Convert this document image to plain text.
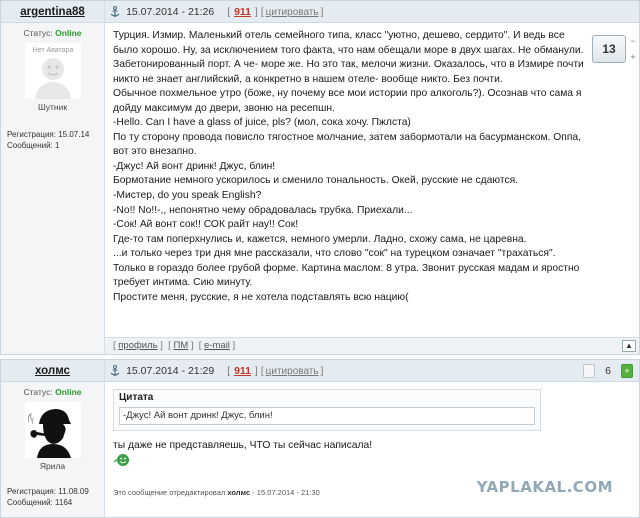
argentina88
Статус: Online
Нет Аватара
Шутник
Регистрация: 15.07.14
Сообщений: 1
15.07.2014 - 21:26 [ 911 ] [ цитировать ]

Турция. Измир. Маленький отель семейного типа, класс "уютно, дешево, сердито". И ведь все было хорошо. Ну, за исключением того факта, что нам обещали море в двух шагах. Не обманули. Забетонированный порт. А че- море же. Но это так, мелочи жизни. Оказалось, что в Измире почти никто не знает английский, а конкретно в нашем отеле- вообще никто. Без почти.

Обычное похмельное утро (боже, ну почему все мои истории про алкоголь?). Осознав что сама я дойду максимум до двери, звоню на ресепшн.

-Hello. Can I have a glass of juice, pls? (мол, сока хочу. Пжлста)

По ту сторону провода повисло тягостное молчание, затем забормотали на басурманском. Оппа, вот это внезапно.

-Джус! Ай вонт дринк! Джус, блин!

Бормотание немного ускорилось и сменило тональность. Окей, русские не сдаются.

-Мистер, do you speak English?

-No!! No!!-,, непонятно чему обрадовалась трубка. Приехали...

-Сок! Ай вонт сок!! СОК райт нау!! Сок!

Где-то там поперхнулись и, кажется, немного умерли. Ладно, схожу сама, не царевна.

...и только через три дня мне рассказали, что слово "сок" на турецком означает "трахаться". Только в гораздо более грубой форме. Картина маслом: 8 утра. Звонит русская мадам и яростно требует интима. Сию минуту.

Простите меня, русские, я не хотела подставлять всю нацию(

13
−
+
[ профиль ]  [ ПМ ]  [ e-mail ]	▲
холмс
Статус: Online
Ярила
Регистрация: 11.08.09
Сообщений: 1164
15.07.2014 - 21:29 [ 911 ] [ цитировать ]	6	+
Цитата
-Джус! Ай вонт дринк! Джус, блин!
ты даже не представляешь, ЧТО ты сейчас написала!
Это сообщение отредактировал холмс - 15.07.2014 - 21:30	YAPLAKAL.COM
